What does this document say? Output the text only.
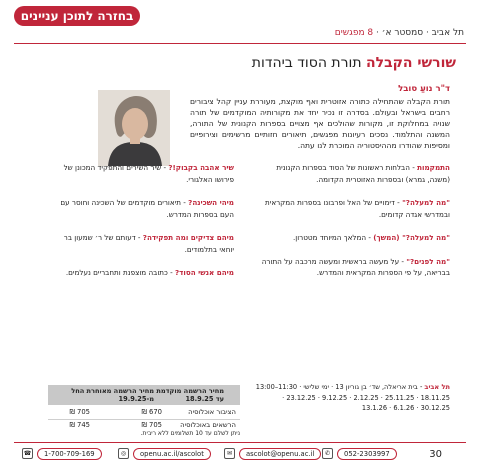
בחזרה לתוכן עניינים
תל אביב · סמסטר א׳ · 8 מפגשים
שורשי הקבלה תורת הסוד ביהדות
ד"ר נועַ סובל
תורת הקבלה שהתחילה כתורה אזוטרית ואף מוקצת, מעוררת עניין קהל ציבורים רחבים בישראל ובעולם. בסדרה זו נכיר יחד את מקורותיה המוקדמים של תורה שנויה במחלוקת זו, מקורות שהולכים אף מצויים בספרות הקנונית של התורה, המשנה והתלמוד. נסכים רעיונות מפגשים, תיאורים חזותיים מרשימים וצירופיים ומסיפות שהודרו מההיסטוריה המוכרת לנו עתה.

התמקמות - הבלחות ראשונות של הסוד בספרות הקנונית (משנה, גמרא) ובספרות האזוטרית הקדומה.

"מה למעלה?" - דימויים של האל ופרבונו בספרות המקראית ובמדרשי אגדה קדומים.

"מה למעלה?" (המשך) - המלאך המיוחד מטטרון.

"מה לפנים?" - על מעשה בראשית ומעשה מרכבה על התורה בבריאה, על פי הספרות המקראית והמדרש.

שיר אהבה בקבוק!? - שיר השירים והתפקיד המכונן של פירושו האלגורי.

מיהי השכינה? - תיאורים מוקדמים של השכינה וחוסר עם העם בספרות המדרש.

מיהם צדיקים ומה תפקידה? - דעותם של ר׳ שמעון בר יוחאי בתלמודים.

מיהם אנשי הסוד? - כתובה מוצפנת ותחבריים נעלמים.

מחיר הרשמה מוקדמת עד 18.9.25
מחיר הרשמה מאוחרת החל מ-19.9.25
הציבור אוכלוסיה
670 ₪
705 ₪
הרשאים באוכלוסיה
705 ₪
745 ₪
ניתן לשלם עד 10 תשלומים ללא ריבית.
תל אביב - בית אריאלה, שד׳ בן גוריון 13 · ימי שלישי · 11:30–13:00
18.11.25 · 25.11.25 · 2.12.25 · 9.12.25 · 23.12.25 · 30.12.25 · 6.1.26 · 13.1.26
☎	1-700-709-169	◎	openu.ac.il/ascolot	✉	ascolot@openu.ac.il	✆	052-2303997	30
